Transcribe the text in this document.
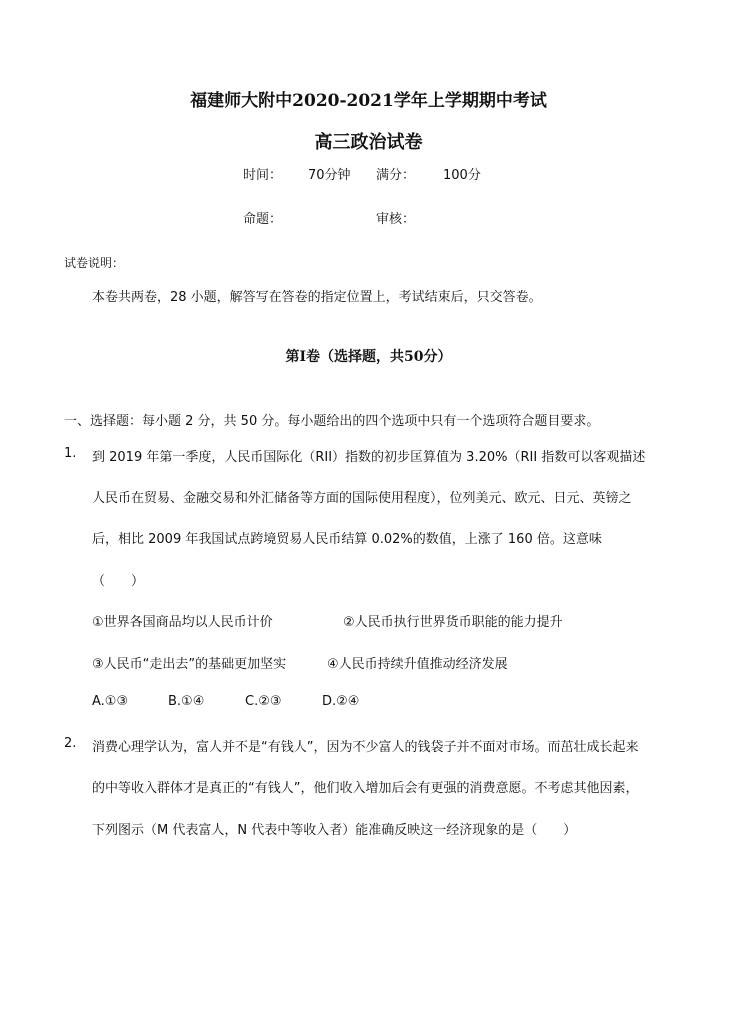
福建师大附中2020-2021学年上学期期中考试
高三政治试卷
时间： 70分钟 满分： 100分
命题：	审核：
试卷说明：
本卷共两卷，28 小题，解答写在答卷的指定位置上，考试结束后，只交答卷。
第Ⅰ卷（选择题，共50分）
一、选择题：每小题 2 分，共 50 分。每小题给出的四个选项中只有一个选项符合题目要求。
1. 到 2019 年第一季度，人民币国际化（RII）指数的初步匡算值为 3.20%（RII 指数可以客观描述
人民币在贸易、金融交易和外汇储备等方面的国际使用程度），位列美元、欧元、日元、英镑之
后，相比 2009 年我国试点跨境贸易人民币结算 0.02%的数值，上涨了 160 倍。这意味
（　　）
①世界各国商品均以人民币计价	②人民币执行世界货币职能的能力提升
③人民币“走出去”的基础更加坚实	④人民币持续升值推动经济发展
A.①③	B.①④	C.②③	D.②④
2. 消费心理学认为，富人并不是“有钱人”，因为不少富人的钱袋子并不面对市场。而茁壮成长起来
的中等收入群体才是真正的“有钱人”，他们收入增加后会有更强的消费意愿。不考虑其他因素，
下列图示（M 代表富人，N 代表中等收入者）能准确反映这一经济现象的是（　　）
